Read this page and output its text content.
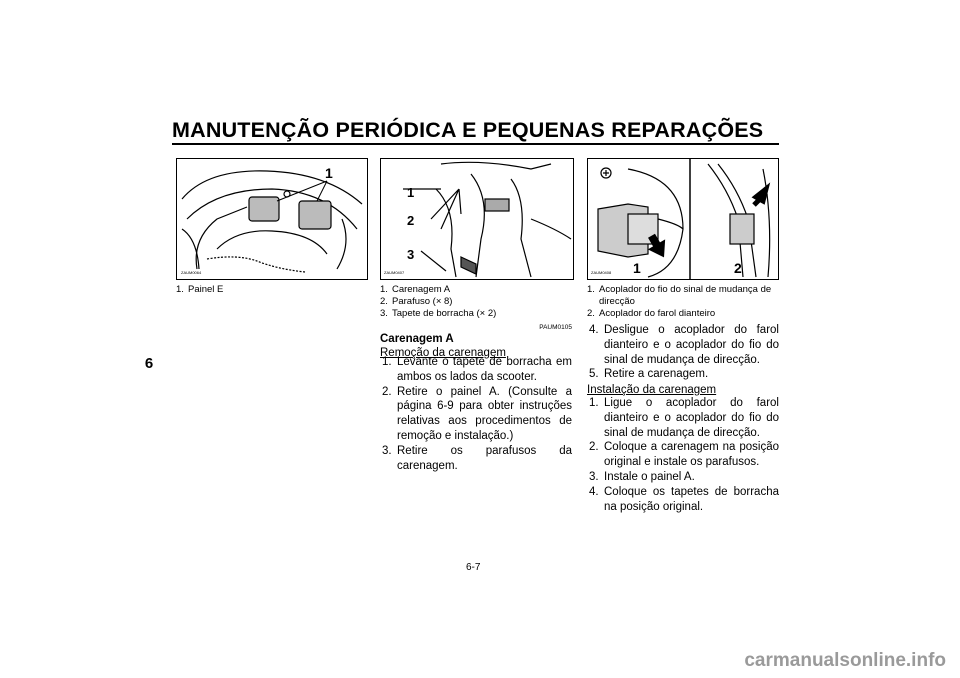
MANUTENÇÃO PERIÓDICA E PEQUENAS REPARAÇÕES
6
1
ZAUM0064
1. Painel E
1
2
3
ZAUM0407
1. Carenagem A
2. Parafuso (× 8)
3. Tapete de borracha (× 2)
PAUM0105
Carenagem A
Remoção da carenagem
1. Levante o tapete de borracha em ambos os lados da scooter.
2. Retire o painel A. (Consulte a página 6-9 para obter instruções relativas aos procedimentos de remoção e instalação.)
3. Retire os parafusos da carenagem.
1	2
ZAUM0408
1. Acoplador do fio do sinal de mudança de direcção
2. Acoplador do farol dianteiro
4. Desligue o acoplador do farol dianteiro e o acoplador do fio do sinal de mudança de direcção.
5. Retire a carenagem.
Instalação da carenagem
1. Ligue o acoplador do farol dianteiro e o acoplador do fio do sinal de mudança de direcção.
2. Coloque a carenagem na posição original e instale os parafusos.
3. Instale o painel A.
4. Coloque os tapetes de borracha na posição original.
6-7
carmanualsonline.info
